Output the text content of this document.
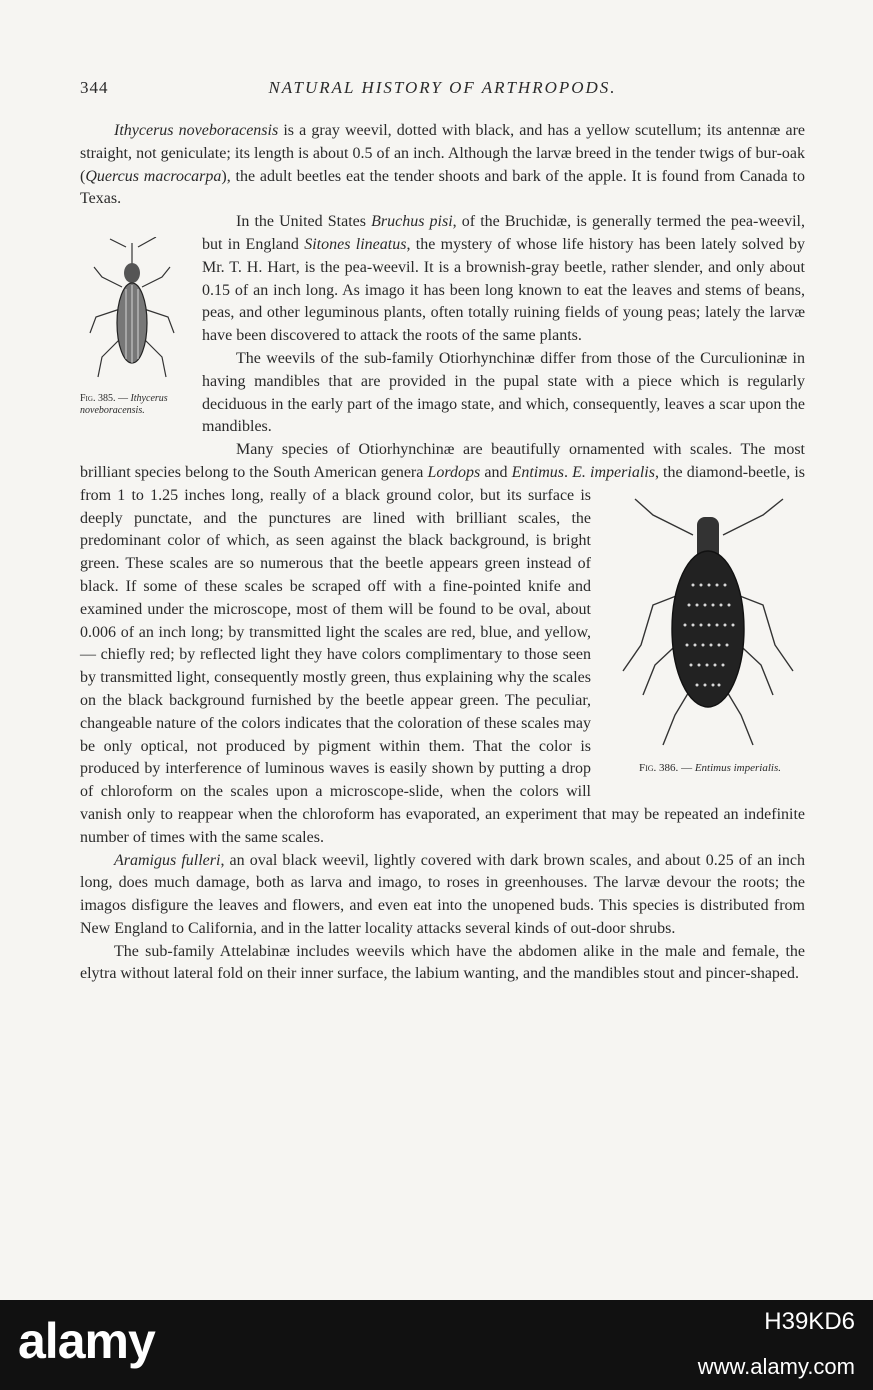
344	NATURAL HISTORY OF ARTHROPODS.

Ithycerus noveboracensis is a gray weevil, dotted with black, and has a yellow scutellum; its antennæ are straight, not geniculate; its length is about 0.5 of an inch. Although the larvæ breed in the tender twigs of bur-oak (Quercus macrocarpa), the adult beetles eat the tender shoots and bark of the apple. It is found from Canada to Texas.

Fig. 385. — Ithycerus noveboracensis.

In the United States Bruchus pisi, of the Bruchidæ, is generally termed the pea-weevil, but in England Sitones lineatus, the mystery of whose life history has been lately solved by Mr. T. H. Hart, is the pea-weevil. It is a brownish-gray beetle, rather slender, and only about 0.15 of an inch long. As imago it has been long known to eat the leaves and stems of beans, peas, and other leguminous plants, often totally ruining fields of young peas; lately the larvæ have been discovered to attack the roots of the same plants.

The weevils of the sub-family Otiorhynchinæ differ from those of the Curculioninæ in having mandibles that are provided in the pupal state with a piece which is regularly deciduous in the early part of the imago state, and which, consequently, leaves a scar upon the mandibles.

Many species of Otiorhynchinæ are beautifully ornamented with scales. The most brilliant species belong to the South American genera Lordops and Entimus. E. imperialis
Fig. 386. — Entimus imperialis.
, the diamond-beetle, is from 1 to 1.25 inches long, really of a black ground color, but its surface is deeply punctate, and the punctures are lined with brilliant scales, the predominant color of which, as seen against the black background, is bright green. These scales are so numerous that the beetle appears green instead of black. If some of these scales be scraped off with a fine-pointed knife and examined under the microscope, most of them will be found to be oval, about 0.006 of an inch long; by transmitted light the scales are red, blue, and yellow, — chiefly red; by reflected light they have colors complimentary to those seen by transmitted light, consequently mostly green, thus explaining why the scales on the black background furnished by the beetle appear green. The peculiar, changeable nature of the colors indicates that the coloration of these scales may be only optical, not produced by pigment within them. That the color is produced by interference of luminous waves is easily shown by putting a drop of chloroform on the scales upon a microscope-slide, when the colors will vanish only to reappear when the chloroform has evaporated, an experiment that may be repeated an indefinite number of times with the same scales.

Aramigus fulleri, an oval black weevil, lightly covered with dark brown scales, and about 0.25 of an inch long, does much damage, both as larva and imago, to roses in greenhouses. The larvæ devour the roots; the imagos disfigure the leaves and flowers, and even eat into the unopened buds. This species is distributed from New England to California, and in the latter locality attacks several kinds of out-door shrubs.

The sub-family Attelabinæ includes weevils which have the abdomen alike in the male and female, the elytra without lateral fold on their inner surface, the labium wanting, and the mandibles stout and pincer-shaped.

alamy	H39KD6
www.alamy.com
